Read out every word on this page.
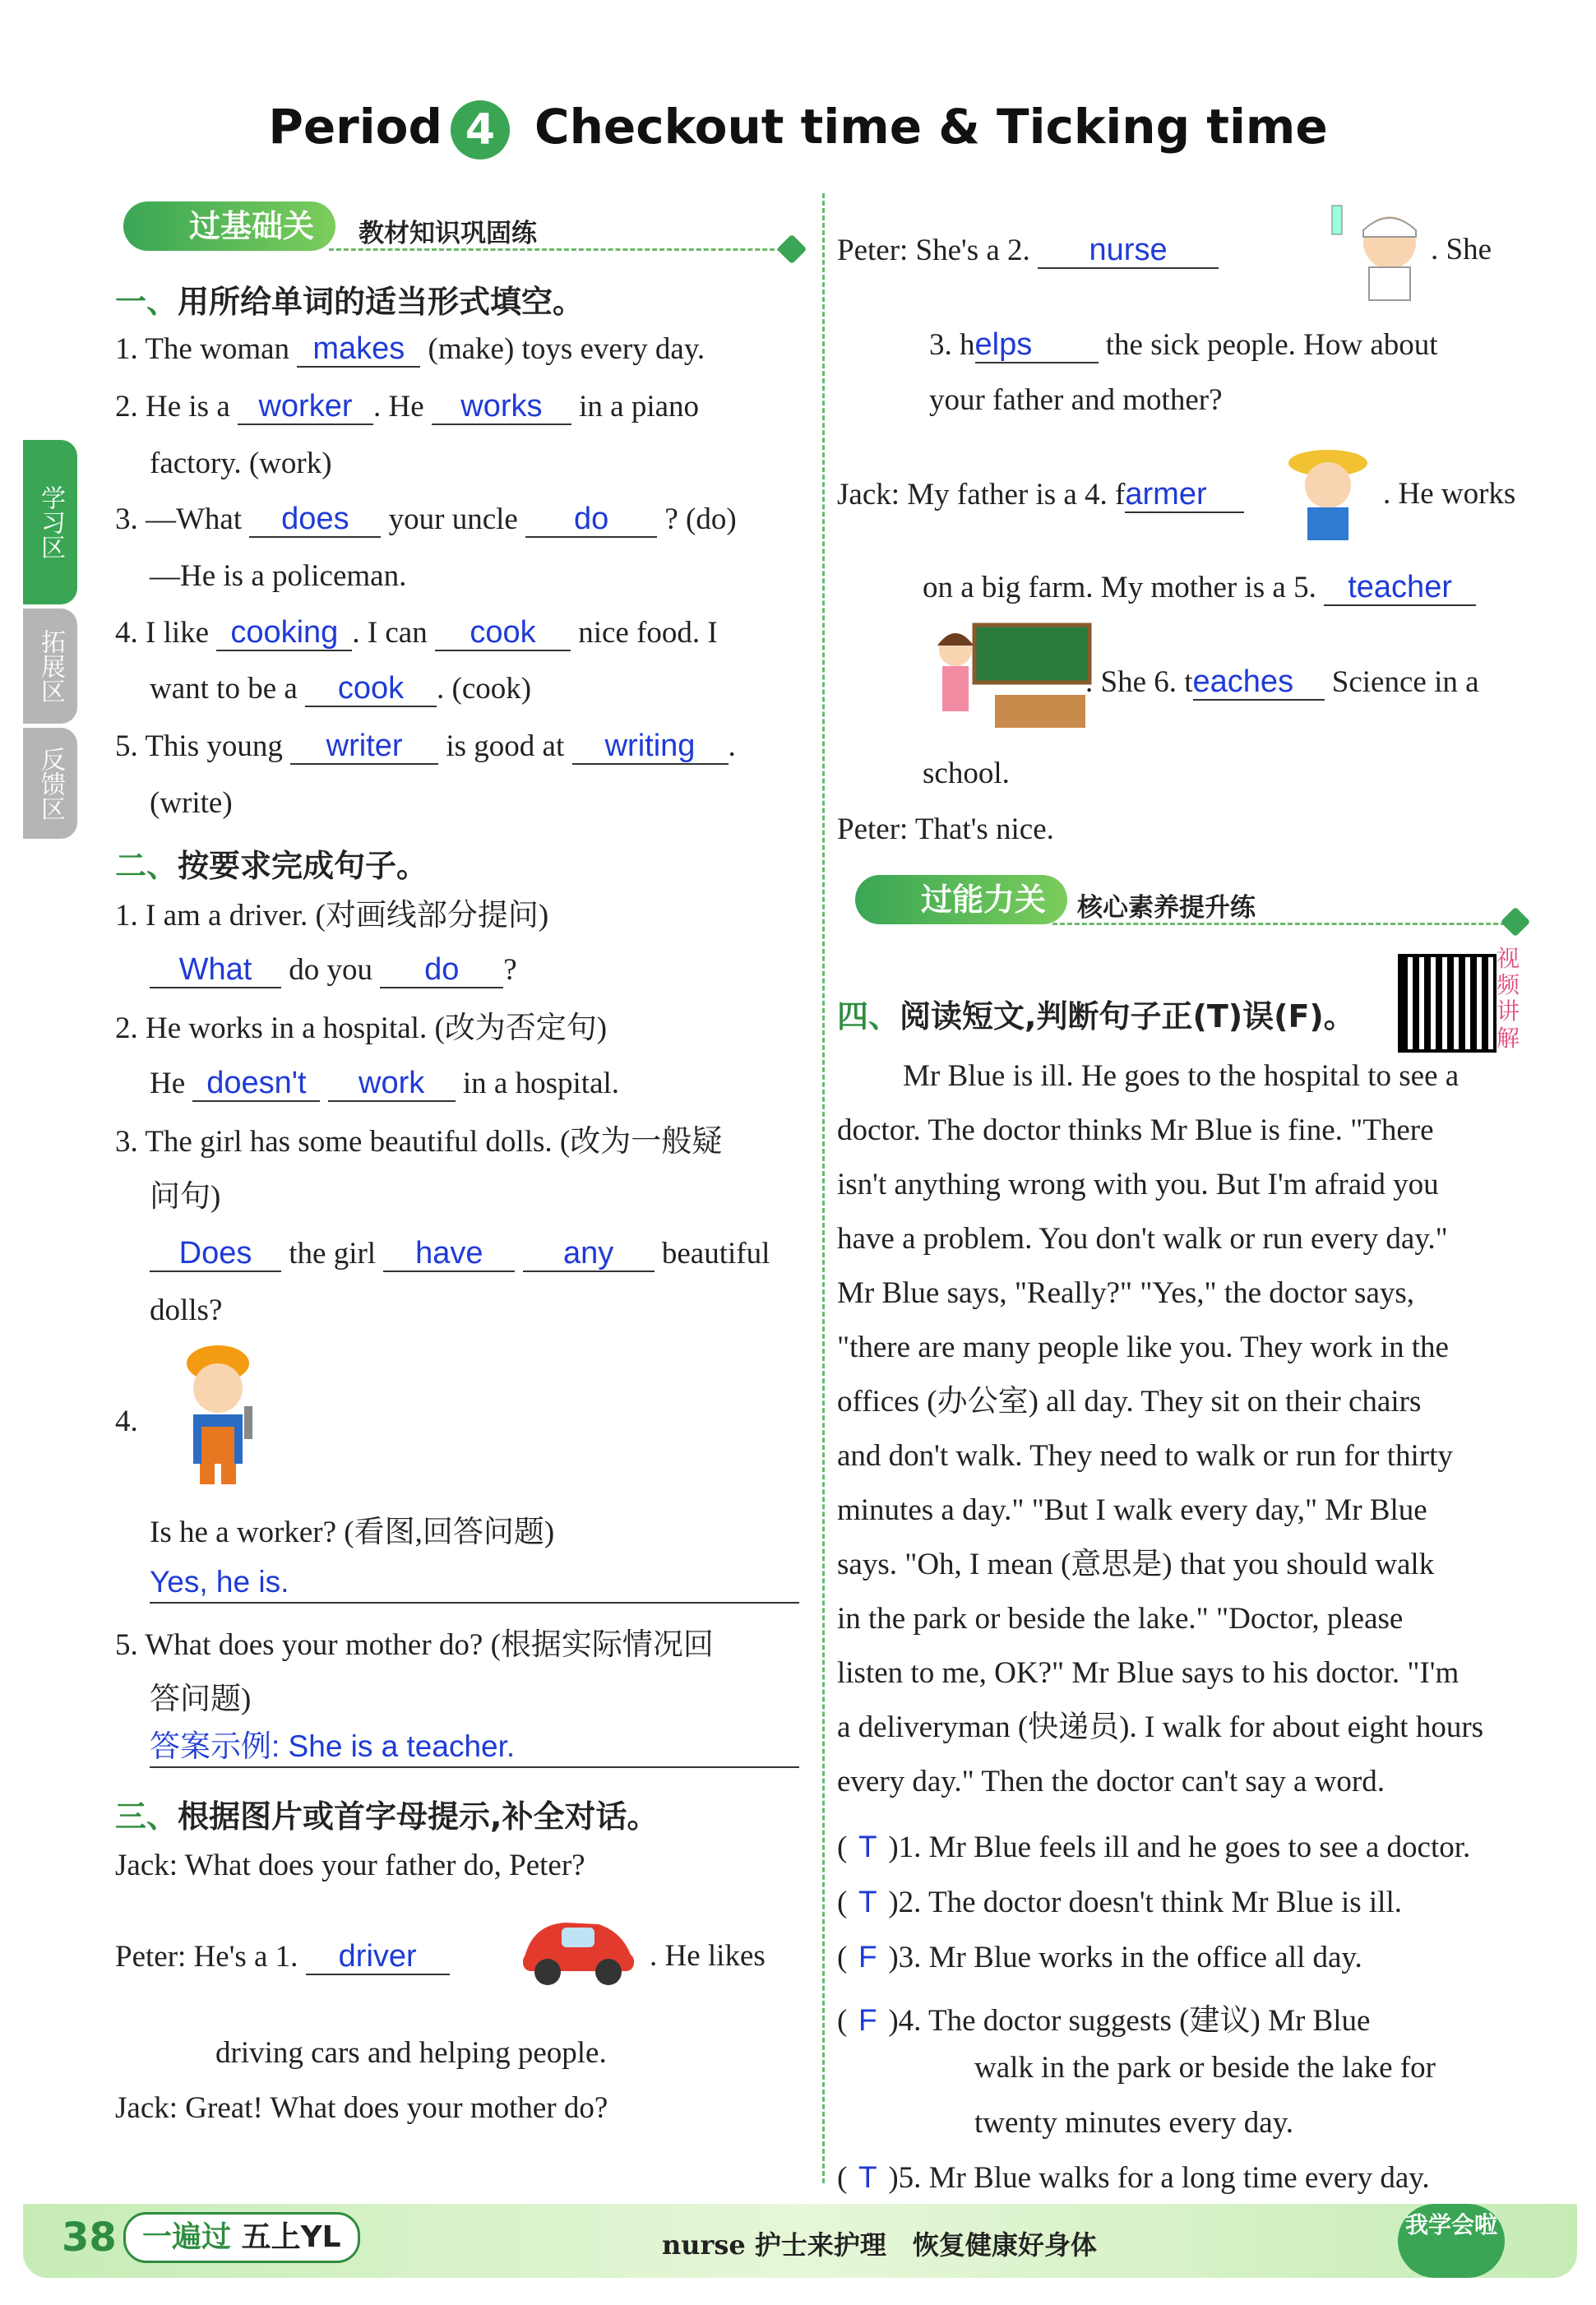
Period 4 Checkout time & Ticking time
学习区
拓展区
反馈区
过基础关	教材知识巩固练
一、用所给单词的适当形式填空。
1. The woman makes (make) toys every day.
2. He is a worker . He works in a piano
factory. (work)
3. —What does your uncle do ? (do)
—He is a policeman.
4. I like cooking . I can cook nice food. I
want to be a cook . (cook)
5. This young writer is good at writing .
(write)
二、按要求完成句子。
1. I am a driver. (对画线部分提问)
What do you do ?
2. He works in a hospital. (改为否定句)
He doesn't work in a hospital.
3. The girl has some beautiful dolls. (改为一般疑
问句)
Does the girl have	any beautiful
dolls?
4.
Is he a worker? (看图,回答问题)
Yes, he is.
5. What does your mother do? (根据实际情况回
答问题)
答案示例: She is a teacher.
三、根据图片或首字母提示,补全对话。
Jack: What does your father do, Peter?
Peter: He's a 1. driver	. He likes
driving cars and helping people.
Jack: Great! What does your mother do?
Peter: She's a 2. nurse	. She
3. helps the sick people. How about
your father and mother?
Jack: My father is a 4. farmer	. He works
on a big farm. My mother is a 5. teacher
. She 6. teaches Science in a
school.
Peter: That's nice.
过能力关	核心素养提升练
四、阅读短文,判断句子正(T)误(F)。
视频讲解
Mr Blue is ill. He goes to the hospital to see a
doctor. The doctor thinks Mr Blue is fine. "There
isn't anything wrong with you. But I'm afraid you
have a problem. You don't walk or run every day."
Mr Blue says, "Really?" "Yes," the doctor says,
"there are many people like you. They work in the
offices (办公室) all day. They sit on their chairs
and don't walk. They need to walk or run for thirty
minutes a day." "But I walk every day," Mr Blue
says. "Oh, I mean (意思是) that you should walk
in the park or beside the lake." "Doctor, please
listen to me, OK?" Mr Blue says to his doctor. "I'm
a deliveryman (快递员). I walk for about eight hours
every day." Then the doctor can't say a word.
( T )1. Mr Blue feels ill and he goes to see a doctor.
( T )2. The doctor doesn't think Mr Blue is ill.
( F )3. Mr Blue works in the office all day.
( F )4. The doctor suggests (建议) Mr Blue
walk in the park or beside the lake for
twenty minutes every day.
( T )5. Mr Blue walks for a long time every day.
38 一遍过 五上YL	nurse 护士来护理　恢复健康好身体
我学会啦
